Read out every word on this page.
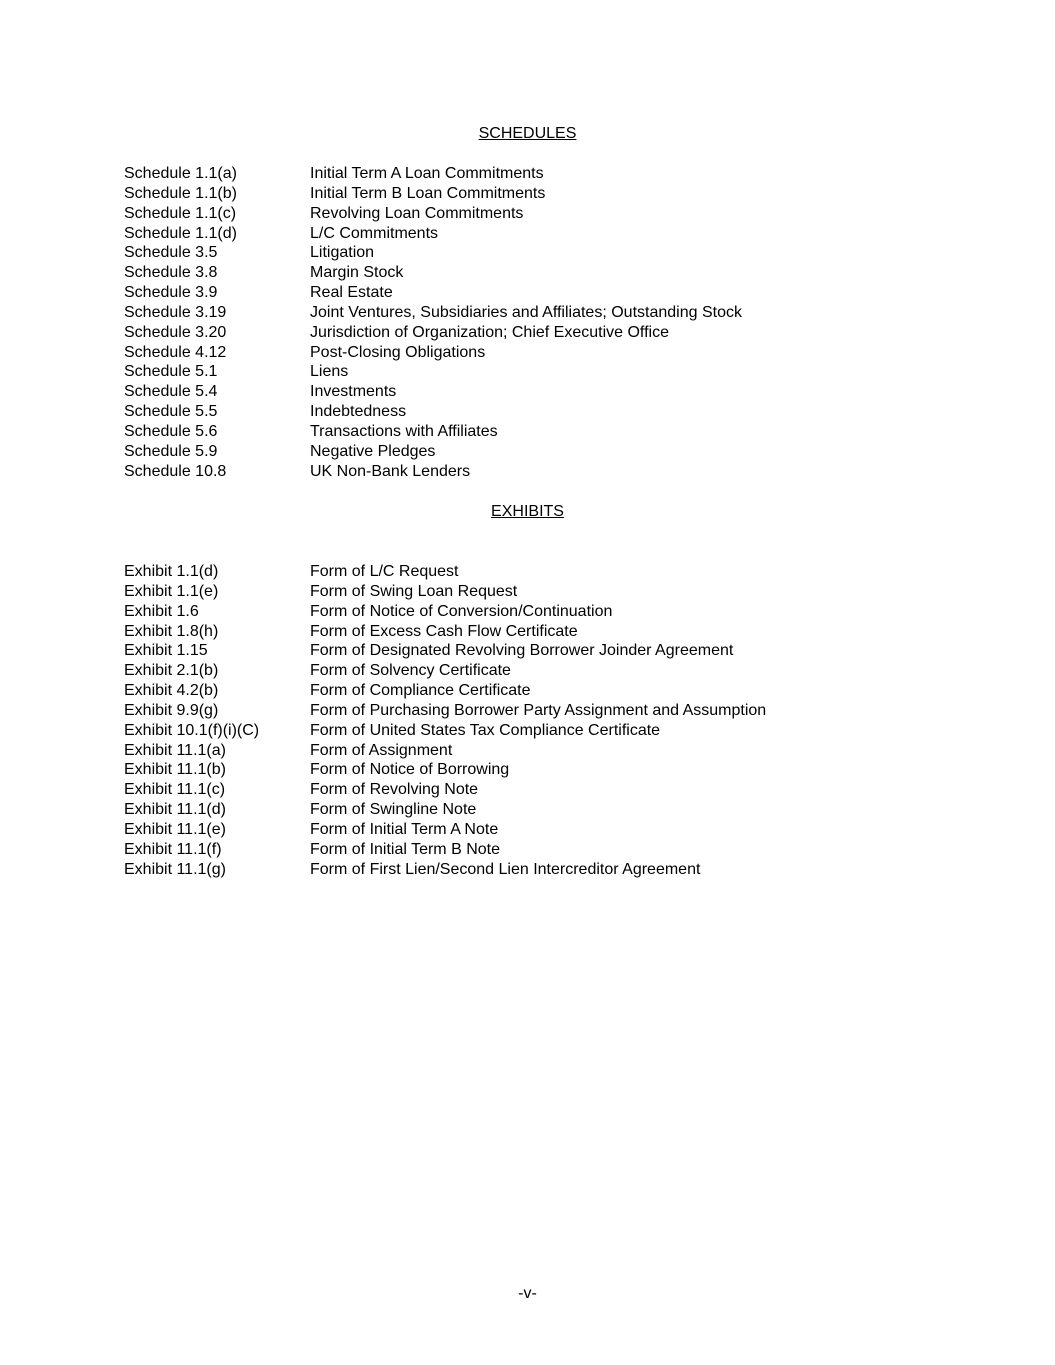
SCHEDULES
Schedule 1.1(a)	Initial Term A Loan Commitments
Schedule 1.1(b)	Initial Term B Loan Commitments
Schedule 1.1(c)	Revolving Loan Commitments
Schedule 1.1(d)	L/C Commitments
Schedule 3.5	Litigation
Schedule 3.8	Margin Stock
Schedule 3.9	Real Estate
Schedule 3.19	Joint Ventures, Subsidiaries and Affiliates; Outstanding Stock
Schedule 3.20	Jurisdiction of Organization; Chief Executive Office
Schedule 4.12	Post-Closing Obligations
Schedule 5.1	Liens
Schedule 5.4	Investments
Schedule 5.5	Indebtedness
Schedule 5.6	Transactions with Affiliates
Schedule 5.9	Negative Pledges
Schedule 10.8	UK Non-Bank Lenders
EXHIBITS
Exhibit 1.1(d)	Form of L/C Request
Exhibit 1.1(e)	Form of Swing Loan Request
Exhibit 1.6	Form of Notice of Conversion/Continuation
Exhibit 1.8(h)	Form of Excess Cash Flow Certificate
Exhibit 1.15	Form of Designated Revolving Borrower Joinder Agreement
Exhibit 2.1(b)	Form of Solvency Certificate
Exhibit 4.2(b)	Form of Compliance Certificate
Exhibit 9.9(g)	Form of Purchasing Borrower Party Assignment and Assumption
Exhibit 10.1(f)(i)(C)	Form of United States Tax Compliance Certificate
Exhibit 11.1(a)	Form of Assignment
Exhibit 11.1(b)	Form of Notice of Borrowing
Exhibit 11.1(c)	Form of Revolving Note
Exhibit 11.1(d)	Form of Swingline Note
Exhibit 11.1(e)	Form of Initial Term A Note
Exhibit 11.1(f)	Form of Initial Term B Note
Exhibit 11.1(g)	Form of First Lien/Second Lien Intercreditor Agreement
-v-
